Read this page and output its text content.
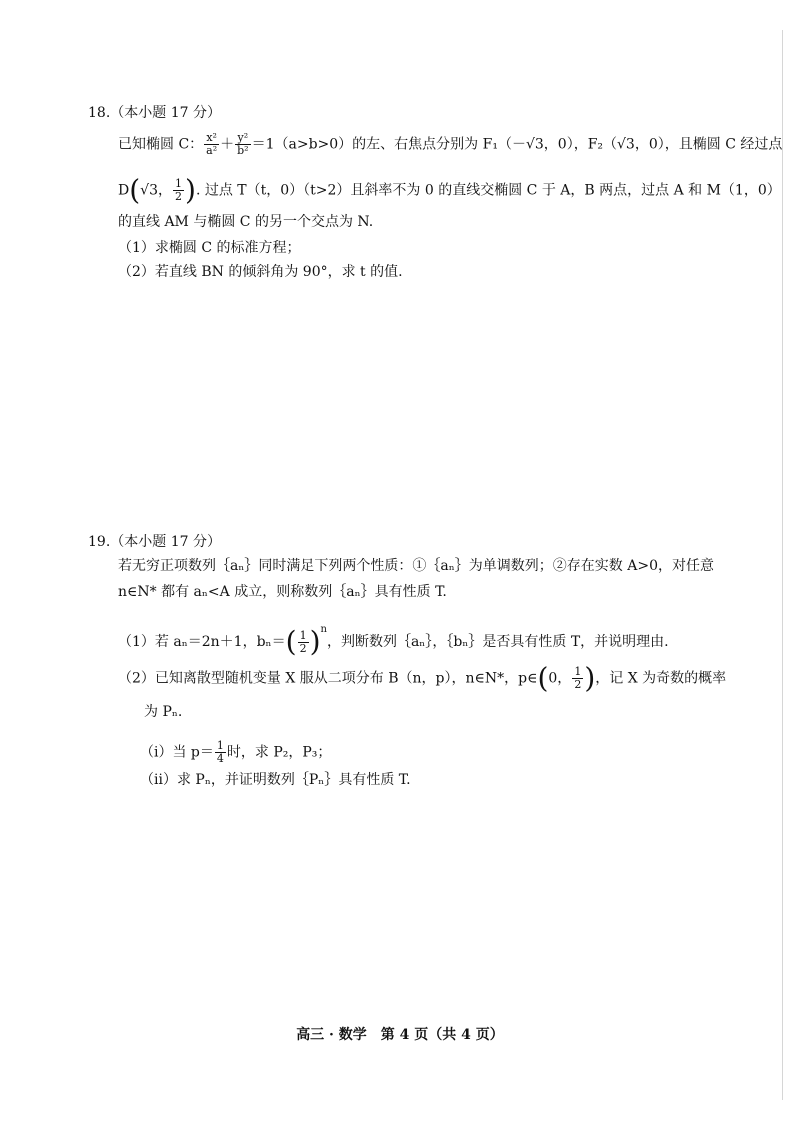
18.（本小题 17 分）
已知椭圆 C： $\frac{\text{x²}}{\text{a²}} + \frac{\text{y²}}{\text{b²}} =1(a>b>0)$的左、右焦点分别为 F₁（－√3，0），F₂（√3，0），且椭圆 C 经过点
D(√3， $\frac{1}{2}$ ). 过点 T（t，0）（t>2）且斜率不为 0 的直线交椭圆 C 于 A，B 两点，过点 A 和 M（1，0）
的直线 AM 与椭圆 C 的另一个交点为 N.
（1）求椭圆 C 的标准方程；
（2）若直线 BN 的倾斜角为 90°，求 t 的值.
19.（本小题 17 分）
若无穷正项数列｛aₙ｝同时满足下列两个性质：①｛aₙ｝为单调数列；②存在实数 A>0，对任意
n∈N* 都有 aₙ<A 成立，则称数列｛aₙ｝具有性质 T.
（1）若 aₙ＝2n＋1，$b_n=( \frac{1}{2} )^n$，判断数列｛aₙ｝，｛bₙ｝是否具有性质 T，并说明理由.
（2）已知离散型随机变量 X 服从二项分布 B（n，p），n∈N*，p∈(0， $\frac{1}{2}$ )，记 X 为奇数的概率
为 Pₙ.
（ⅰ）当 $p= \frac{1}{4}$ 时，求 P₂，P₃；
（ⅱ）求 Pₙ，并证明数列｛Pₙ｝具有性质 T.
高三 · 数学　第 4 页（共 4 页）
